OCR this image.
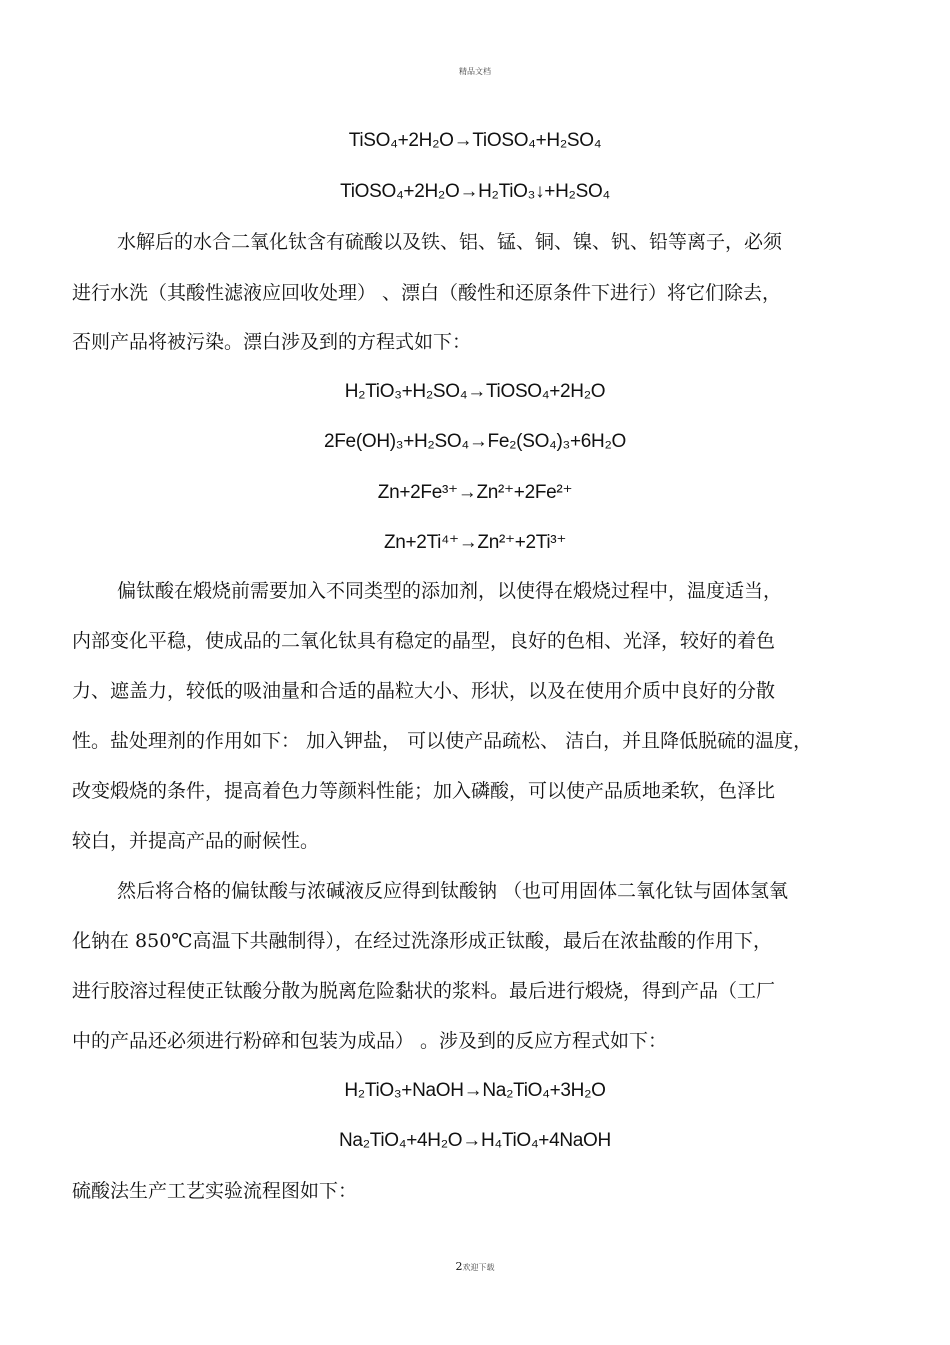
精品文档
TiSO₄+2H₂O→TiOSO₄+H₂SO₄
TiOSO₄+2H₂O→H₂TiO₃↓+H₂SO₄
水解后的水合二氧化钛含有硫酸以及铁、铝、锰、铜、镍、钒、铅等离子，必须
进行水洗（其酸性滤液应回收处理） 、漂白（酸性和还原条件下进行）将它们除去，
否则产品将被污染。漂白涉及到的方程式如下：
H₂TiO₃+H₂SO₄→TiOSO₄+2H₂O
2Fe(OH)₃+H₂SO₄→Fe₂(SO₄)₃+6H₂O
Zn+2Fe³⁺→Zn²⁺+2Fe²⁺
Zn+2Ti⁴⁺→Zn²⁺+2Ti³⁺
偏钛酸在煅烧前需要加入不同类型的添加剂，以使得在煅烧过程中，温度适当，
内部变化平稳，使成品的二氧化钛具有稳定的晶型，良好的色相、光泽，较好的着色
力、遮盖力，较低的吸油量和合适的晶粒大小、形状，以及在使用介质中良好的分散
性。盐处理剂的作用如下： 加入钾盐， 可以使产品疏松、 洁白，并且降低脱硫的温度，
改变煅烧的条件，提高着色力等颜料性能；加入磷酸，可以使产品质地柔软，色泽比
较白，并提高产品的耐候性。
然后将合格的偏钛酸与浓碱液反应得到钛酸钠 （也可用固体二氧化钛与固体氢氧
化钠在 850℃高温下共融制得），在经过洗涤形成正钛酸，最后在浓盐酸的作用下，
进行胶溶过程使正钛酸分散为脱离危险黏状的浆料。最后进行煅烧，得到产品（工厂
中的产品还必须进行粉碎和包装为成品） 。涉及到的反应方程式如下：
H₂TiO₃+NaOH→Na₂TiO₄+3H₂O
Na₂TiO₄+4H₂O→H₄TiO₄+4NaOH
硫酸法生产工艺实验流程图如下：
2欢迎下载
